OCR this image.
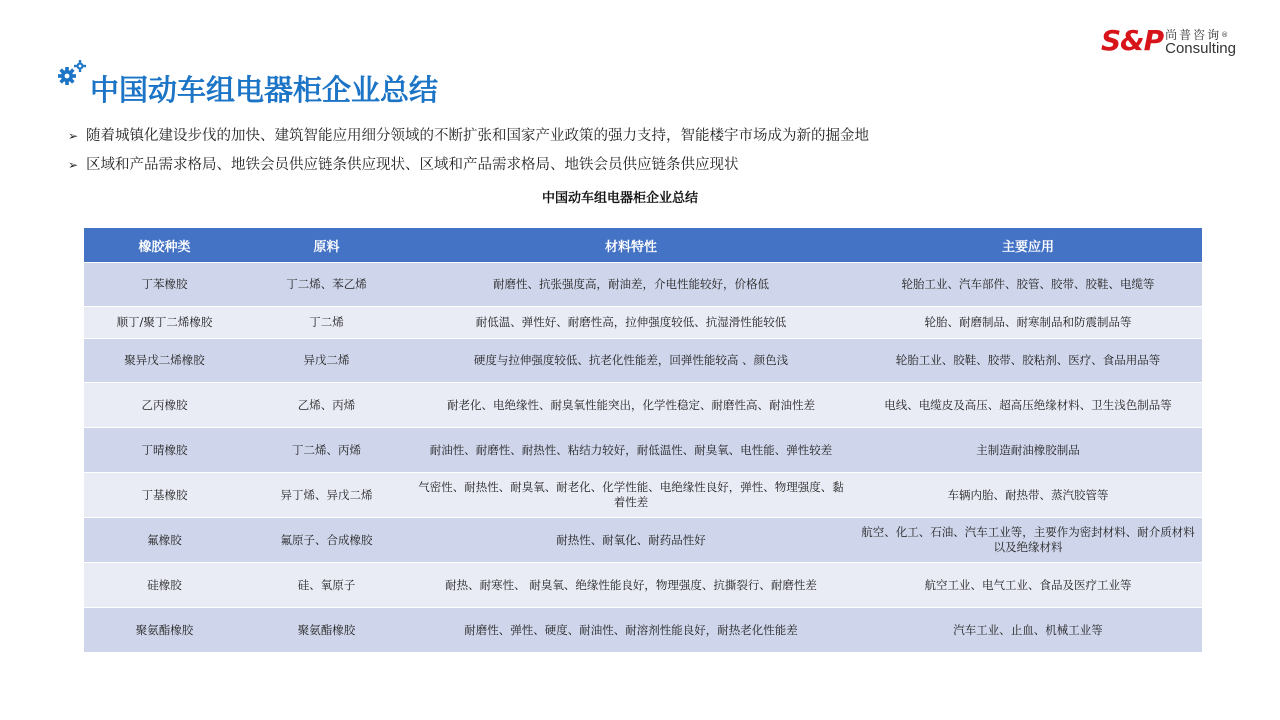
S&P 尚普咨询®
Consulting
中国动车组电器柜企业总结
➢ 随着城镇化建设步伐的加快、建筑智能应用细分领域的不断扩张和国家产业政策的强力支持，智能楼宇市场成为新的掘金地
➢ 区域和产品需求格局、地铁会员供应链条供应现状、区域和产品需求格局、地铁会员供应链条供应现状
中国动车组电器柜企业总结
橡胶种类	原料	材料特性	主要应用
丁苯橡胶	丁二烯、苯乙烯	耐磨性、抗张强度高，耐油差，介电性能较好，价格低	轮胎工业、汽车部件、胶管、胶带、胶鞋、电缆等
顺丁/聚丁二烯橡胶	丁二烯	耐低温、弹性好、耐磨性高，拉伸强度较低、抗湿滑性能较低	轮胎、耐磨制品、耐寒制品和防震制品等
聚异戊二烯橡胶	异戊二烯	硬度与拉伸强度较低、抗老化性能差，回弹性能较高 、颜色浅	轮胎工业、胶鞋、胶带、胶粘剂、医疗、食品用品等
乙丙橡胶	乙烯、丙烯	耐老化、电绝缘性、耐臭氧性能突出，化学性稳定、耐磨性高、耐油性差	电线、电缆皮及高压、超高压绝缘材料、卫生浅色制品等
丁晴橡胶	丁二烯、丙烯	耐油性、耐磨性、耐热性、粘结力较好，耐低温性、耐臭氧、电性能、弹性较差	主制造耐油橡胶制品
丁基橡胶	异丁烯、异戊二烯	气密性、耐热性、耐臭氧、耐老化、化学性能、电绝缘性良好，弹性、物理强度、黏着性差	车辆内胎、耐热带、蒸汽胶管等
氟橡胶	氟原子、合成橡胶	耐热性、耐氧化、耐药品性好	航空、化工、石油、汽车工业等，主要作为密封材料、耐介质材料以及绝缘材料
硅橡胶	硅、氧原子	耐热、耐寒性、 耐臭氧、绝缘性能良好，物理强度、抗撕裂行、耐磨性差	航空工业、电气工业、食品及医疗工业等
聚氨酯橡胶	聚氨酯橡胶	耐磨性、弹性、硬度、耐油性、耐溶剂性能良好，耐热老化性能差	汽车工业、止血、机械工业等
